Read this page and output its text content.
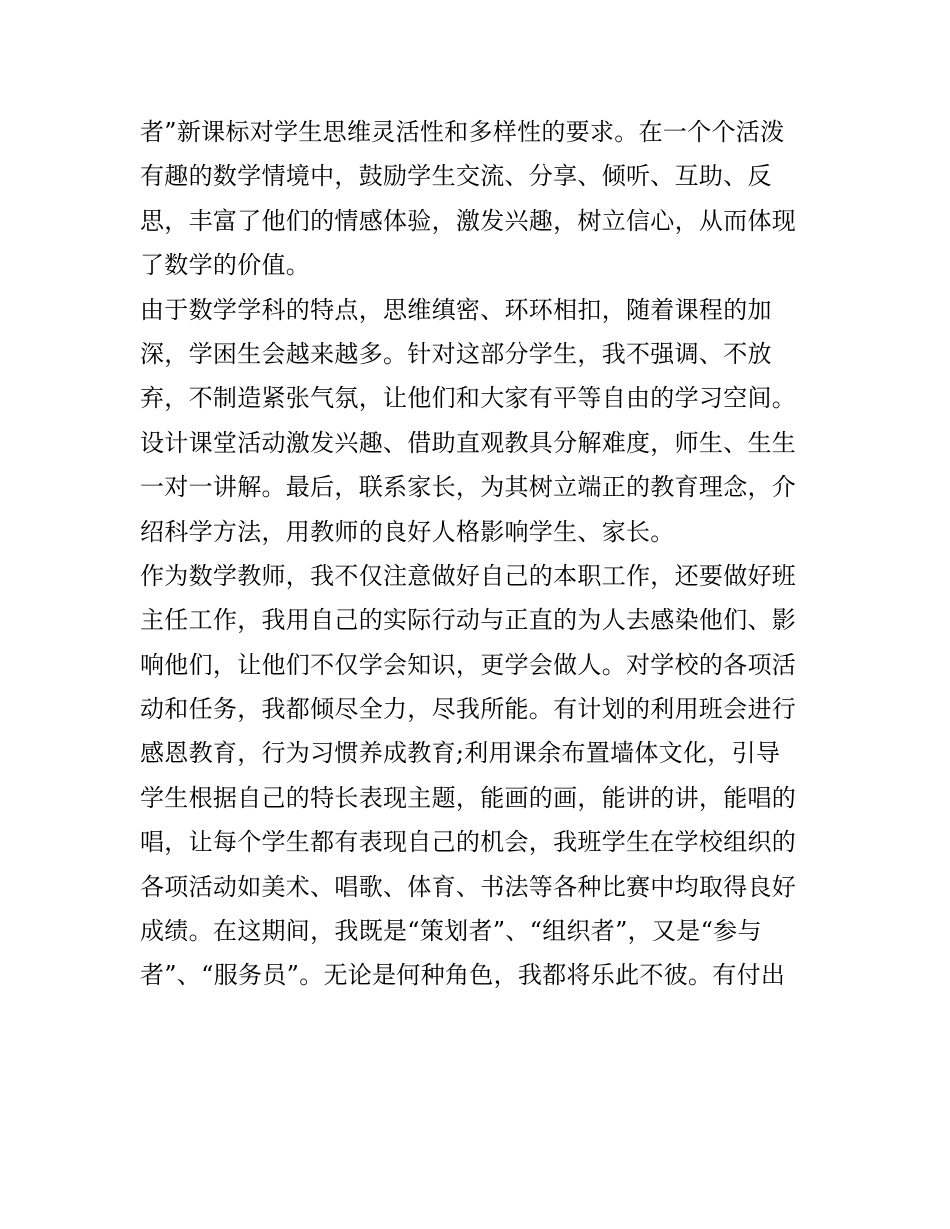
者”新课标对学生思维灵活性和多样性的要求。在一个个活泼
有趣的数学情境中，鼓励学生交流、分享、倾听、互助、反
思，丰富了他们的情感体验，激发兴趣，树立信心，从而体现
了数学的价值。
由于数学学科的特点，思维缜密、环环相扣，随着课程的加
深，学困生会越来越多。针对这部分学生，我不强调、不放
弃，不制造紧张气氛，让他们和大家有平等自由的学习空间。
设计课堂活动激发兴趣、借助直观教具分解难度，师生、生生
一对一讲解。最后，联系家长，为其树立端正的教育理念，介
绍科学方法，用教师的良好人格影响学生、家长。
作为数学教师，我不仅注意做好自己的本职工作，还要做好班
主任工作，我用自己的实际行动与正直的为人去感染他们、影
响他们，让他们不仅学会知识，更学会做人。对学校的各项活
动和任务，我都倾尽全力，尽我所能。有计划的利用班会进行
感恩教育，行为习惯养成教育;利用课余布置墙体文化，引导
学生根据自己的特长表现主题，能画的画，能讲的讲，能唱的
唱，让每个学生都有表现自己的机会，我班学生在学校组织的
各项活动如美术、唱歌、体育、书法等各种比赛中均取得良好
成绩。在这期间，我既是“策划者”、“组织者”，又是“参与
者”、“服务员”。无论是何种角色，我都将乐此不彼。有付出
